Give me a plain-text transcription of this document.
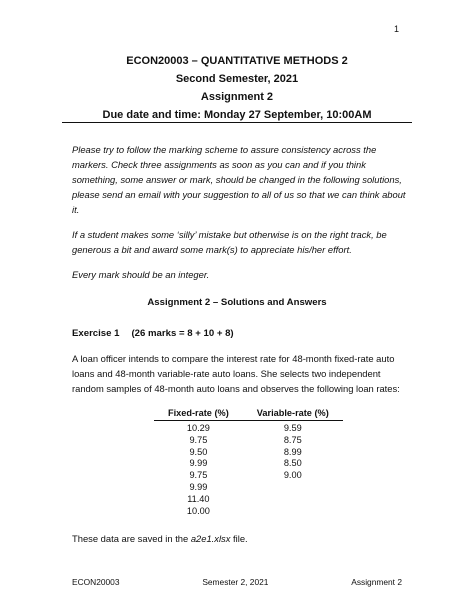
1
ECON20003 – QUANTITATIVE METHODS 2
Second Semester, 2021
Assignment 2
Due date and time: Monday 27 September, 10:00AM

Please try to follow the marking scheme to assure consistency across the markers. Check three assignments as soon as you can and if you think something, some answer or mark, should be changed in the following solutions, please send an email with your suggestion to all of us so that we can think about it.

If a student makes some ‘silly’ mistake but otherwise is on the right track, be generous a bit and award some mark(s) to appreciate his/her effort.

Every mark should be an integer.

Assignment 2 – Solutions and Answers
Exercise 1 (26 marks = 8 + 10 + 8)
A loan officer intends to compare the interest rate for 48-month fixed-rate auto loans and 48-month variable-rate auto loans. She selects two independent random samples of 48-month auto loans and observes the following loan rates:
Fixed-rate (%)	Variable-rate (%)
10.29	9.59
9.75	8.75
9.50	8.99
9.99	8.50
9.75	9.00
9.99	
11.40	
10.00	
These data are saved in the a2e1.xlsx file.
ECON20003	Semester 2, 2021	Assignment 2
